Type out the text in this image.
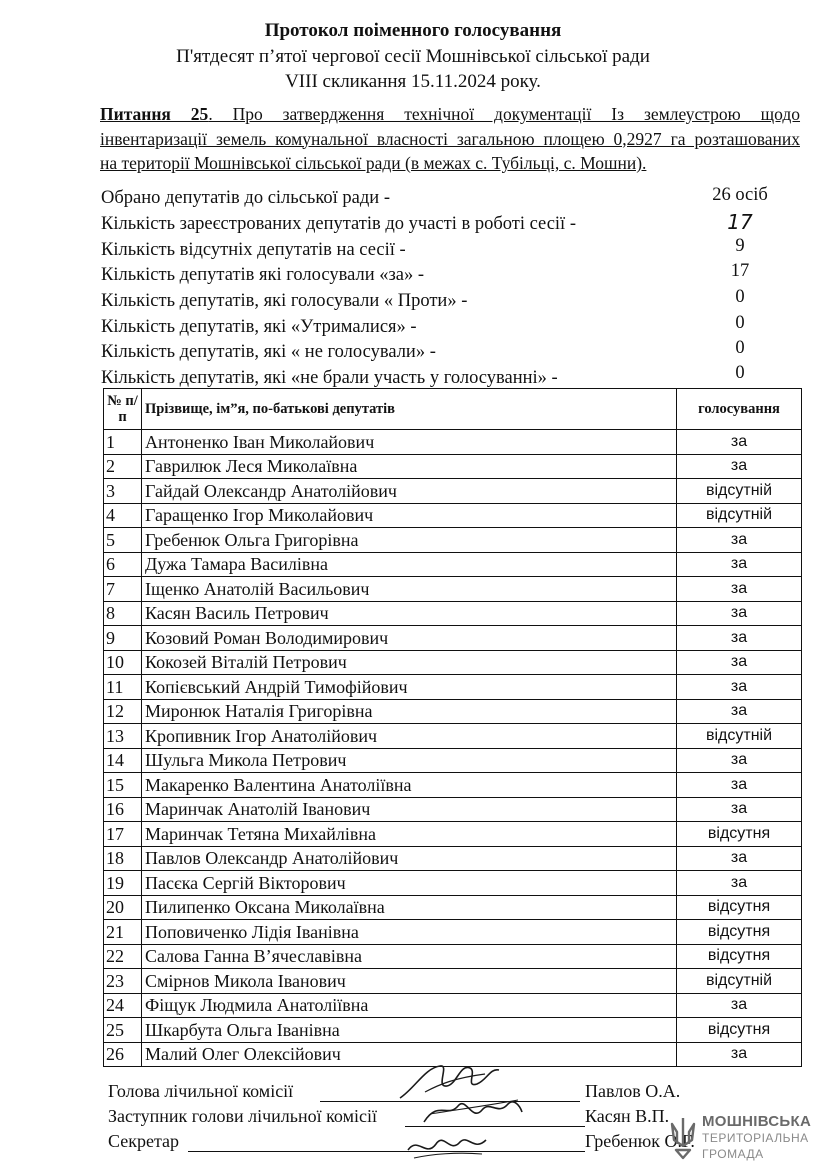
Протокол поіменного голосування
П'ятдесят п’ятої чергової сесії Мошнівської сільської ради
VIII скликання 15.11.2024 року.
Питання 25. Про затвердження технічної документації Із землеустрою щодо
інвентаризації земель комунальної власності загальною площею 0,2927 га розташованих
на території Мошнівської сільської ради (в межах с. Тубільці, с. Мошни).
Обрано депутатів до сільської ради -	26 осіб
Кількість зареєстрованих депутатів до участі в роботі сесії -	17
Кількість відсутніх депутатів на сесії -	9
Кількість депутатів які голосували «за» -	17
Кількість депутатів, які голосували « Проти» -	0
Кількість депутатів, які «Утрималися» -	0
Кількість депутатів, які « не голосували» -	0
Кількість депутатів, які «не брали участь у голосуванні» -	0
№ п/п	Прізвище, ім”я, по-батькові депутатів	голосування
1	Антоненко Іван Миколайович	за
2	Гаврилюк Леся Миколаївна	за
3	Гайдай Олександр Анатолійович	відсутній
4	Гаращенко Ігор Миколайович	відсутній
5	Гребенюк Ольга Григорівна	за
6	Дужа Тамара Василівна	за
7	Іщенко Анатолій Васильович	за
8	Касян Василь Петрович	за
9	Козовий Роман Володимирович	за
10	Кокозей Віталій Петрович	за
11	Копієвський Андрій Тимофійович	за
12	Миронюк Наталія Григорівна	за
13	Кропивник Ігор Анатолійович	відсутній
14	Шульга Микола Петрович	за
15	Макаренко Валентина Анатоліївна	за
16	Маринчак Анатолій Іванович	за
17	Маринчак Тетяна Михайлівна	відсутня
18	Павлов Олександр Анатолійович	за
19	Пасєка Сергій Вікторович	за
20	Пилипенко Оксана Миколаївна	відсутня
21	Поповиченко Лідія Іванівна	відсутня
22	Салова Ганна В’ячеславівна	відсутня
23	Смірнов Микола Іванович	відсутній
24	Фіщук Людмила Анатоліївна	за
25	Шкарбута Ольга Іванівна	відсутня
26	Малий Олег Олексійович	за
Голова лічильної комісії	Павлов О.А.
Заступник голови лічильної комісії	Касян В.П.
Секретар	Гребенюк О.Г.
МОШНІВСЬКА
ТЕРИТОРІАЛЬНА
ГРОМАДА
